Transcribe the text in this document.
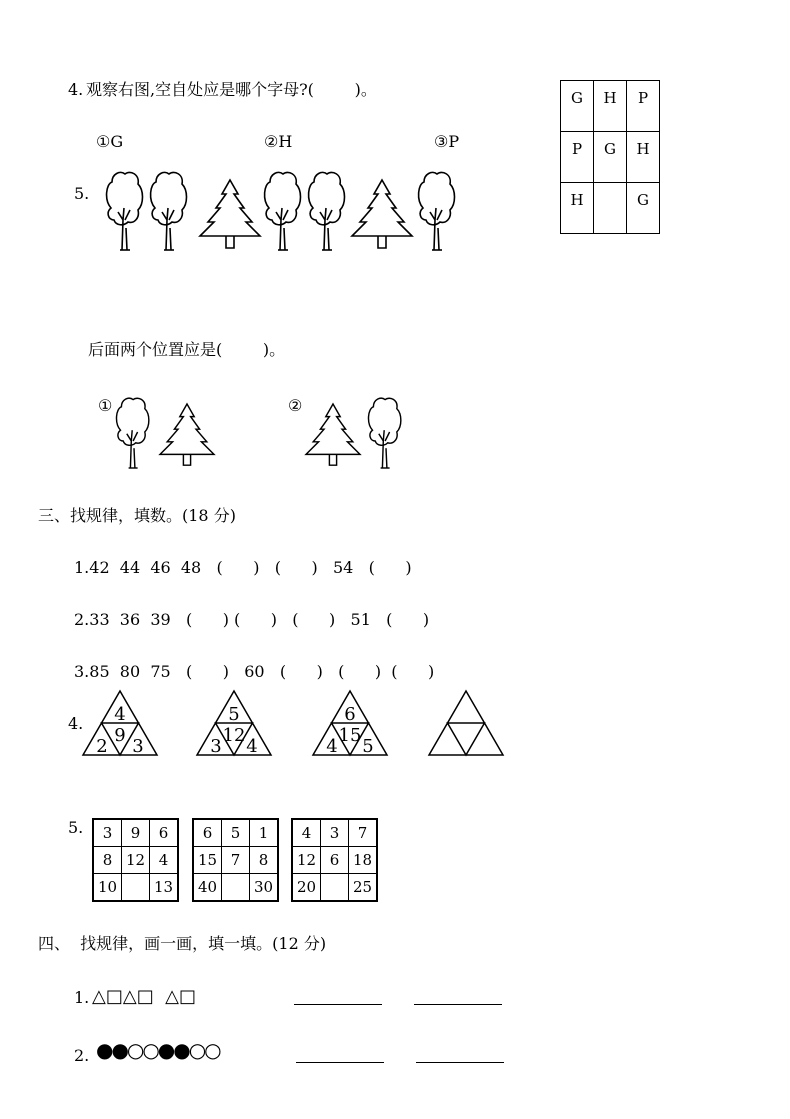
4. 观察右图,空自处应是哪个字母?(        )。
①G	②H	③P
G	H	P
P	G	H
H		G
5.
后面两个位置应是(        )。
①	②
三、找规律，填数。(18 分)
1.42  44  46  48   (      )   (      )   54   (      )
2.33  36  39   (      ) (      )   (      )   51   (      )
3.85  80  75   (      )   60   (      )   (      )  (      )
4. 4
9
2 3
5
12
3 4
6
15
4 5
5. 3	9	6
8	12	4
10		13
6	5	1
15	7	8
40		30
4	3	7
12	6	18
20		25
四、  找规律，画一画，填一填。(12 分)
1. △□△□  △□
2. ●●○○●●○○
